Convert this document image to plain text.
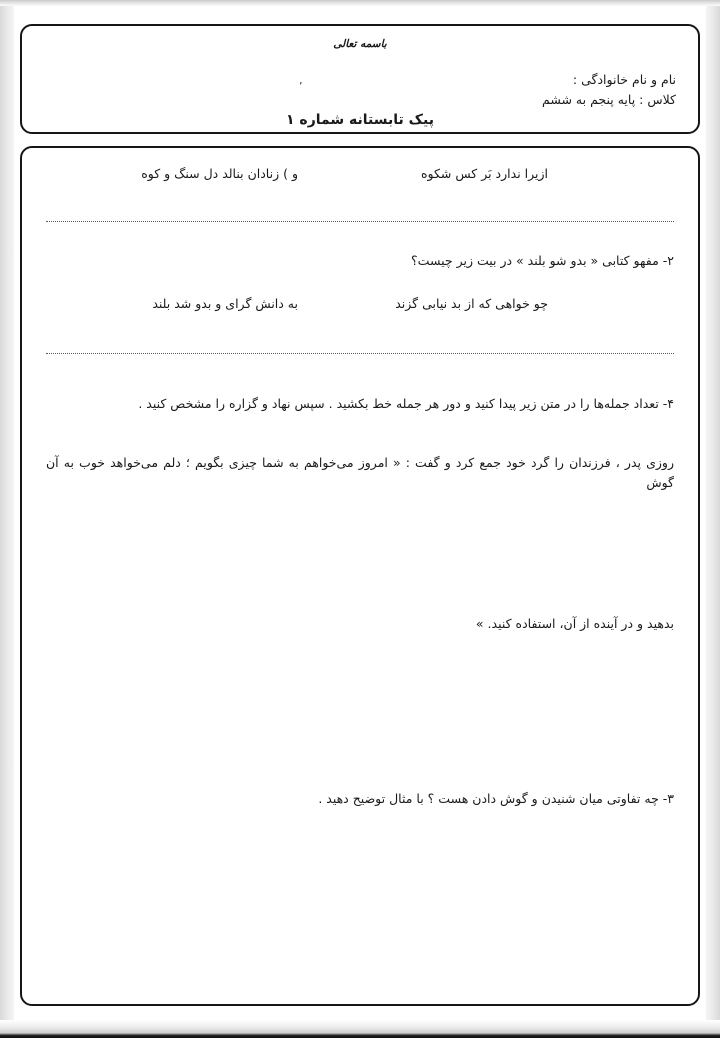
باسمه تعالی
٬	نام و نام خانوادگی :
کلاس : پایه پنجم به ششم
پیک تابستانه شماره ۱
و ) زنادان بنالد دل سنگ و کوه	ازیرا ندارد بَر کس شکوه
۲- مفهو کتابی « بدو شو بلند » در بیت زیر چیست؟
به دانش گرای و بدو شد بلند	چو خواهی که از بد نیابی گزند
۴- تعداد جمله‌ها را در متن زیر پیدا کنید و دور هر جمله خط بکشید . سپس نهاد و گزاره را مشخص کنید .
روزی پدر ، فرزندان را گرد خود جمع کرد و گفت : « امروز می‌خواهم به شما چیزی بگویم ؛ دلم می‌خواهد خوب به آن گوش
بدهید و در آینده از آن، استفاده کنید. »
۳- چه تفاوتی میان شنیدن و گوش دادن هست ؟ با مثال توضیح دهید .
